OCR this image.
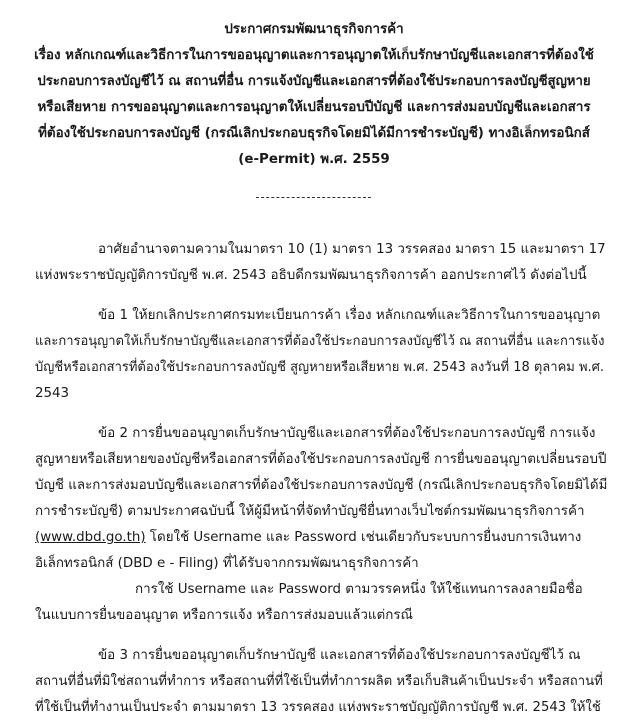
ประกาศกรมพัฒนาธุรกิจการค้า
เรื่อง หลักเกณฑ์และวิธีการในการขออนุญาตและการอนุญาตให้เก็บรักษาบัญชีและเอกสารที่ต้องใช้
ประกอบการลงบัญชีไว้ ณ สถานที่อื่น การแจ้งบัญชีและเอกสารที่ต้องใช้ประกอบการลงบัญชีสูญหาย
หรือเสียหาย การขออนุญาตและการอนุญาตให้เปลี่ยนรอบปีบัญชี และการส่งมอบบัญชีและเอกสาร
ที่ต้องใช้ประกอบการลงบัญชี (กรณีเลิกประกอบธุรกิจโดยมิได้มีการชำระบัญชี) ทางอิเล็กทรอนิกส์
(e-Permit) พ.ศ. 2559
อาศัยอำนาจตามความในมาตรา 10 (1) มาตรา 13 วรรคสอง มาตรา 15 และมาตรา 17
แห่งพระราชบัญญัติการบัญชี พ.ศ. 2543 อธิบดีกรมพัฒนาธุรกิจการค้า ออกประกาศไว้ ดังต่อไปนี้
ข้อ 1 ให้ยกเลิกประกาศกรมทะเบียนการค้า เรื่อง หลักเกณฑ์และวิธีการในการขออนุญาต
และการอนุญาตให้เก็บรักษาบัญชีและเอกสารที่ต้องใช้ประกอบการลงบัญชีไว้ ณ สถานที่อื่น และการแจ้ง
บัญชีหรือเอกสารที่ต้องใช้ประกอบการลงบัญชี สูญหายหรือเสียหาย พ.ศ. 2543 ลงวันที่ 18 ตุลาคม พ.ศ.
2543
ข้อ 2 การยื่นขออนุญาตเก็บรักษาบัญชีและเอกสารที่ต้องใช้ประกอบการลงบัญชี การแจ้ง
สูญหายหรือเสียหายของบัญชีหรือเอกสารที่ต้องใช้ประกอบการลงบัญชี การยื่นขออนุญาตเปลี่ยนรอบปี
บัญชี และการส่งมอบบัญชีและเอกสารที่ต้องใช้ประกอบการลงบัญชี (กรณีเลิกประกอบธุรกิจโดยมิได้มี
การชำระบัญชี) ตามประกาศฉบับนี้ ให้ผู้มีหน้าที่จัดทำบัญชียื่นทางเว็บไซต์กรมพัฒนาธุรกิจการค้า
(www.dbd.go.th) โดยใช้ Username และ Password เช่นเดียวกับระบบการยื่นงบการเงินทาง
อิเล็กทรอนิกส์ (DBD e - Filing) ที่ได้รับจากกรมพัฒนาธุรกิจการค้า
การใช้ Username และ Password ตามวรรคหนึ่ง ให้ใช้แทนการลงลายมือชื่อ
ในแบบการยื่นขออนุญาต หรือการแจ้ง หรือการส่งมอบแล้วแต่กรณี
ข้อ 3 การยื่นขออนุญาตเก็บรักษาบัญชี และเอกสารที่ต้องใช้ประกอบการลงบัญชีไว้ ณ
สถานที่อื่นที่มิใช่สถานที่ทำการ หรือสถานที่ที่ใช้เป็นที่ทำการผลิต หรือเก็บสินค้าเป็นประจำ หรือสถานที่
ที่ใช้เป็นที่ทำงานเป็นประจำ ตามมาตรา 13 วรรคสอง แห่งพระราชบัญญัติการบัญชี พ.ศ. 2543 ให้ใช้
